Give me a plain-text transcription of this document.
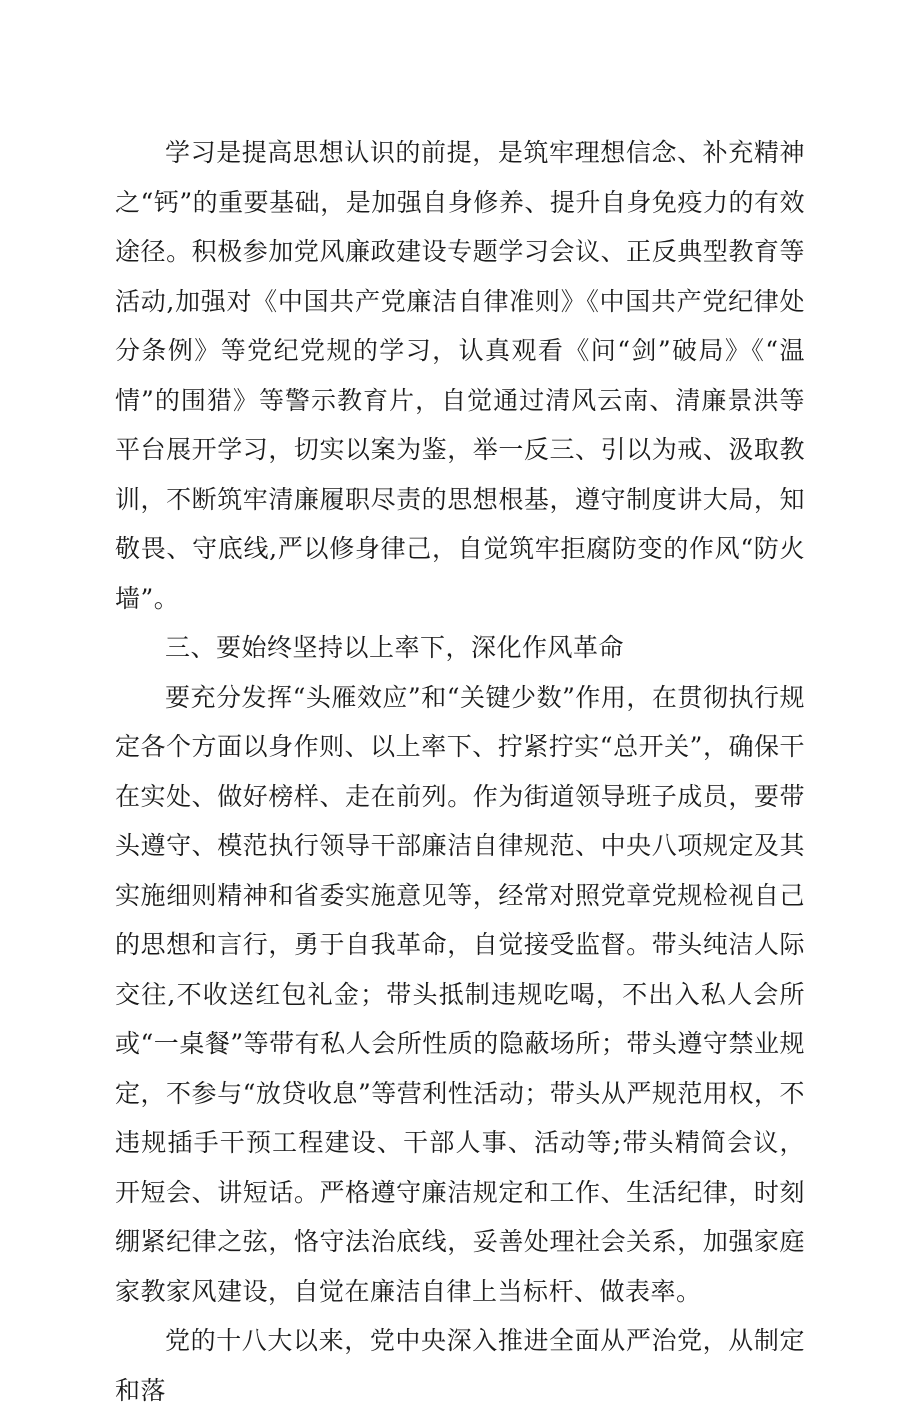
学习是提高思想认识的前提，是筑牢理想信念、补充精神之“钙”的重要基础，是加强自身修养、提升自身免疫力的有效途径。积极参加党风廉政建设专题学习会议、正反典型教育等活动,加强对《中国共产党廉洁自律准则》《中国共产党纪律处分条例》等党纪党规的学习，认真观看《问“剑”破局》《“温情”的围猎》等警示教育片，自觉通过清风云南、清廉景洪等平台展开学习，切实以案为鉴，举一反三、引以为戒、汲取教训，不断筑牢清廉履职尽责的思想根基，遵守制度讲大局，知敬畏、守底线,严以修身律己，自觉筑牢拒腐防变的作风“防火墙”。

三、要始终坚持以上率下，深化作风革命

要充分发挥“头雁效应”和“关键少数”作用，在贯彻执行规定各个方面以身作则、以上率下、拧紧拧实“总开关”，确保干在实处、做好榜样、走在前列。作为街道领导班子成员，要带头遵守、模范执行领导干部廉洁自律规范、中央八项规定及其实施细则精神和省委实施意见等，经常对照党章党规检视自己的思想和言行，勇于自我革命，自觉接受监督。带头纯洁人际交往,不收送红包礼金；带头抵制违规吃喝，不出入私人会所或“一桌餐”等带有私人会所性质的隐蔽场所；带头遵守禁业规定，不参与“放贷收息”等营利性活动；带头从严规范用权，不违规插手干预工程建设、干部人事、活动等;带头精简会议，开短会、讲短话。严格遵守廉洁规定和工作、生活纪律，时刻绷紧纪律之弦，恪守法治底线，妥善处理社会关系，加强家庭家教家风建设，自觉在廉洁自律上当标杆、做表率。

党的十八大以来，党中央深入推进全面从严治党，从制定和落
